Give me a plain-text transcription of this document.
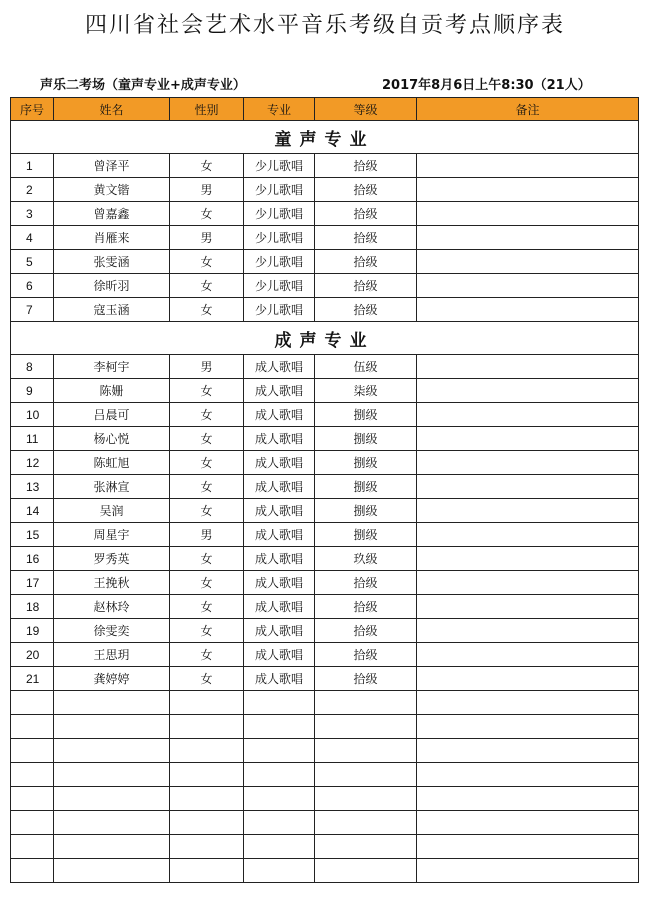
四川省社会艺术水平音乐考级自贡考点顺序表
声乐二考场（童声专业+成声专业）	2017年8月6日上午8:30（21人）
序号	姓名	性别	专业	等级	备注
童声专业					
1	曾泽平	女	少儿歌唱	拾级	
2	黄文锴	男	少儿歌唱	拾级	
3	曾嘉鑫	女	少儿歌唱	拾级	
4	肖雁来	男	少儿歌唱	拾级	
5	张雯涵	女	少儿歌唱	拾级	
6	徐昕羽	女	少儿歌唱	拾级	
7	寇玉涵	女	少儿歌唱	拾级	
成声专业					
8	李柯宇	男	成人歌唱	伍级	
9	陈姗	女	成人歌唱	柒级	
10	吕晨可	女	成人歌唱	捌级	
11	杨心悦	女	成人歌唱	捌级	
12	陈虹旭	女	成人歌唱	捌级	
13	张淋宣	女	成人歌唱	捌级	
14	吴润	女	成人歌唱	捌级	
15	周星宇	男	成人歌唱	捌级	
16	罗秀英	女	成人歌唱	玖级	
17	王挽秋	女	成人歌唱	拾级	
18	赵林玲	女	成人歌唱	拾级	
19	徐雯奕	女	成人歌唱	拾级	
20	王思玥	女	成人歌唱	拾级	
21	龚婷婷	女	成人歌唱	拾级	
